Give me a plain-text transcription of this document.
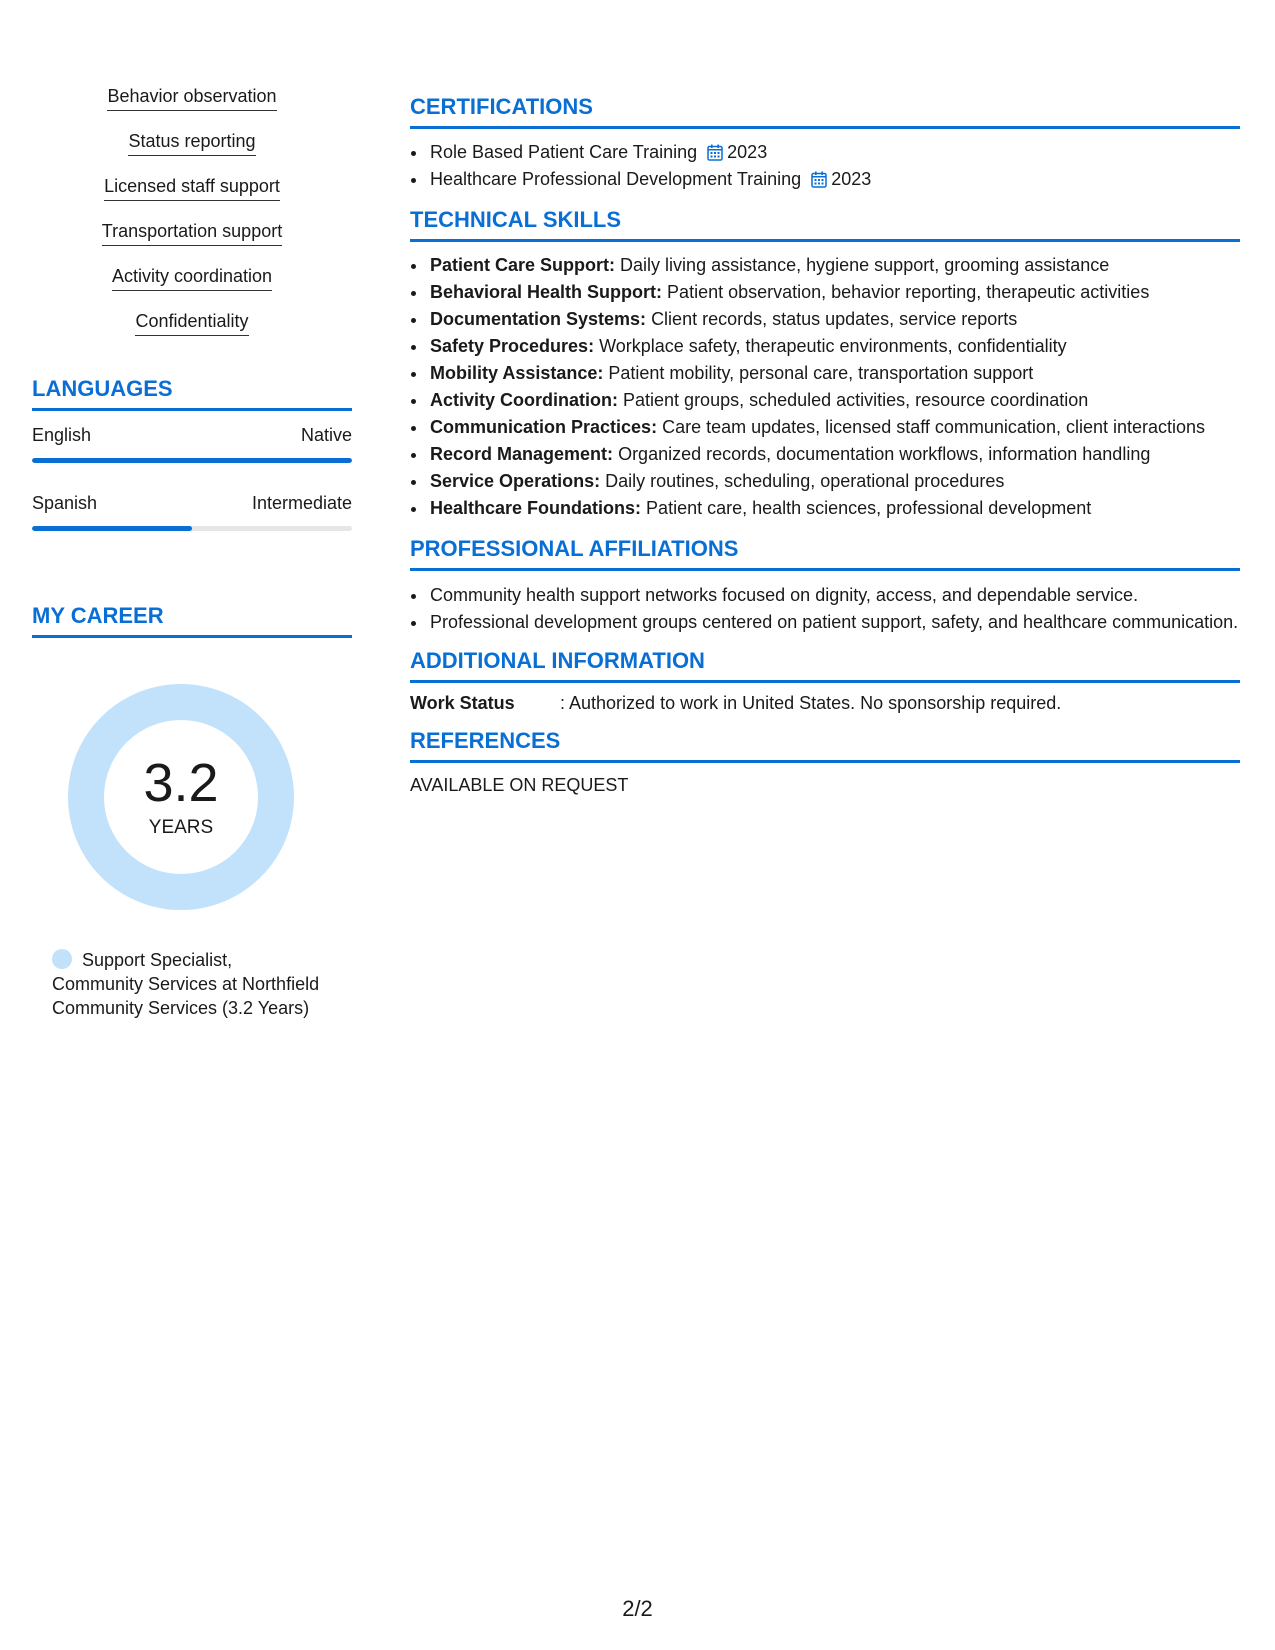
Behavior observation
Status reporting
Licensed staff support
Transportation support
Activity coordination
Confidentiality
LANGUAGES
English	Native
Spanish	Intermediate
MY CAREER
3.2
YEARS
Support Specialist, Community Services at Northfield Community Services (3.2 Years)
CERTIFICATIONS
• Role Based Patient Care Training 2023
• Healthcare Professional Development Training 2023
TECHNICAL SKILLS
• Patient Care Support: Daily living assistance, hygiene support, grooming assistance
• Behavioral Health Support: Patient observation, behavior reporting, therapeutic activities
• Documentation Systems: Client records, status updates, service reports
• Safety Procedures: Workplace safety, therapeutic environments, confidentiality
• Mobility Assistance: Patient mobility, personal care, transportation support
• Activity Coordination: Patient groups, scheduled activities, resource coordination
• Communication Practices: Care team updates, licensed staff communication, client interactions
• Record Management: Organized records, documentation workflows, information handling
• Service Operations: Daily routines, scheduling, operational procedures
• Healthcare Foundations: Patient care, health sciences, professional development
PROFESSIONAL AFFILIATIONS
• Community health support networks focused on dignity, access, and dependable service.
• Professional development groups centered on patient support, safety, and healthcare communication.
ADDITIONAL INFORMATION
Work Status	: Authorized to work in United States. No sponsorship required.
REFERENCES
AVAILABLE ON REQUEST
2/2
